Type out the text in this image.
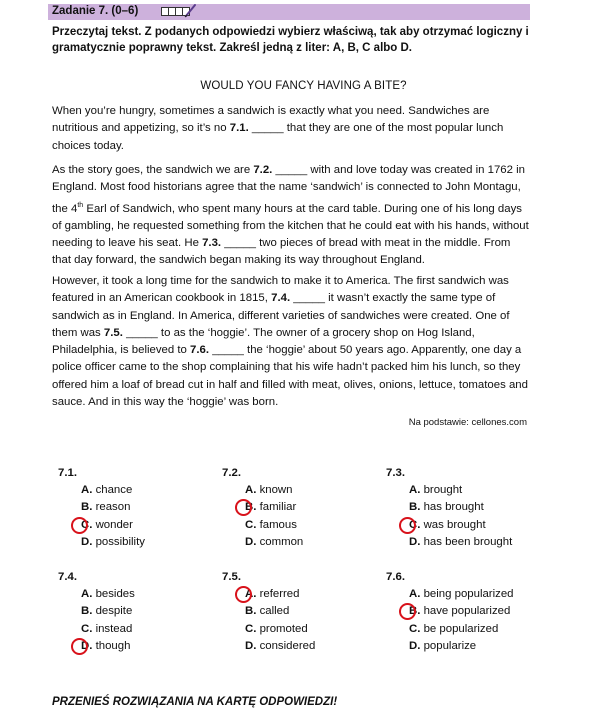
Zadanie 7. (0–6)
Przeczytaj tekst. Z podanych odpowiedzi wybierz właściwą, tak aby otrzymać logiczny i gramatycznie poprawny tekst. Zakreśl jedną z liter: A, B, C albo D.
WOULD YOU FANCY HAVING A BITE?
When you’re hungry, sometimes a sandwich is exactly what you need. Sandwiches are nutritious and appetizing, so it’s no 7.1. _____ that they are one of the most popular lunch choices today.
As the story goes, the sandwich we are 7.2. _____ with and love today was created in 1762 in England. Most food historians agree that the name ‘sandwich’ is connected to John Montagu, the 4th Earl of Sandwich, who spent many hours at the card table. During one of his long days of gambling, he requested something from the kitchen that he could eat with his hands, without needing to leave his seat. He 7.3. _____ two pieces of bread with meat in the middle. From that day forward, the sandwich began making its way throughout England.
However, it took a long time for the sandwich to make it to America. The first sandwich was featured in an American cookbook in 1815, 7.4. _____ it wasn’t exactly the same type of sandwich as in England. In America, different varieties of sandwiches were created. One of them was 7.5. _____ to as the ‘hoggie’. The owner of a grocery shop on Hog Island, Philadelphia, is believed to 7.6. _____ the ‘hoggie’ about 50 years ago. Apparently, one day a police officer came to the shop complaining that his wife hadn’t packed him his lunch, so they offered him a loaf of bread cut in half and filled with meat, olives, onions, lettuce, tomatoes and sauce. And in this way the ‘hoggie’ was born.
Na podstawie: cellones.com
7.1.
A. chance
B. reason
C. wonder
D. possibility
7.2.
A. known
B. familiar
C. famous
D. common
7.3.
A. brought
B. has brought
C. was brought
D. has been brought
7.4.
A. besides
B. despite
C. instead
D. though
7.5.
A. referred
B. called
C. promoted
D. considered
7.6.
A. being popularized
B. have popularized
C. be popularized
D. popularize
PRZENIEŚ ROZWIĄZANIA NA KARTĘ ODPOWIEDZI!
